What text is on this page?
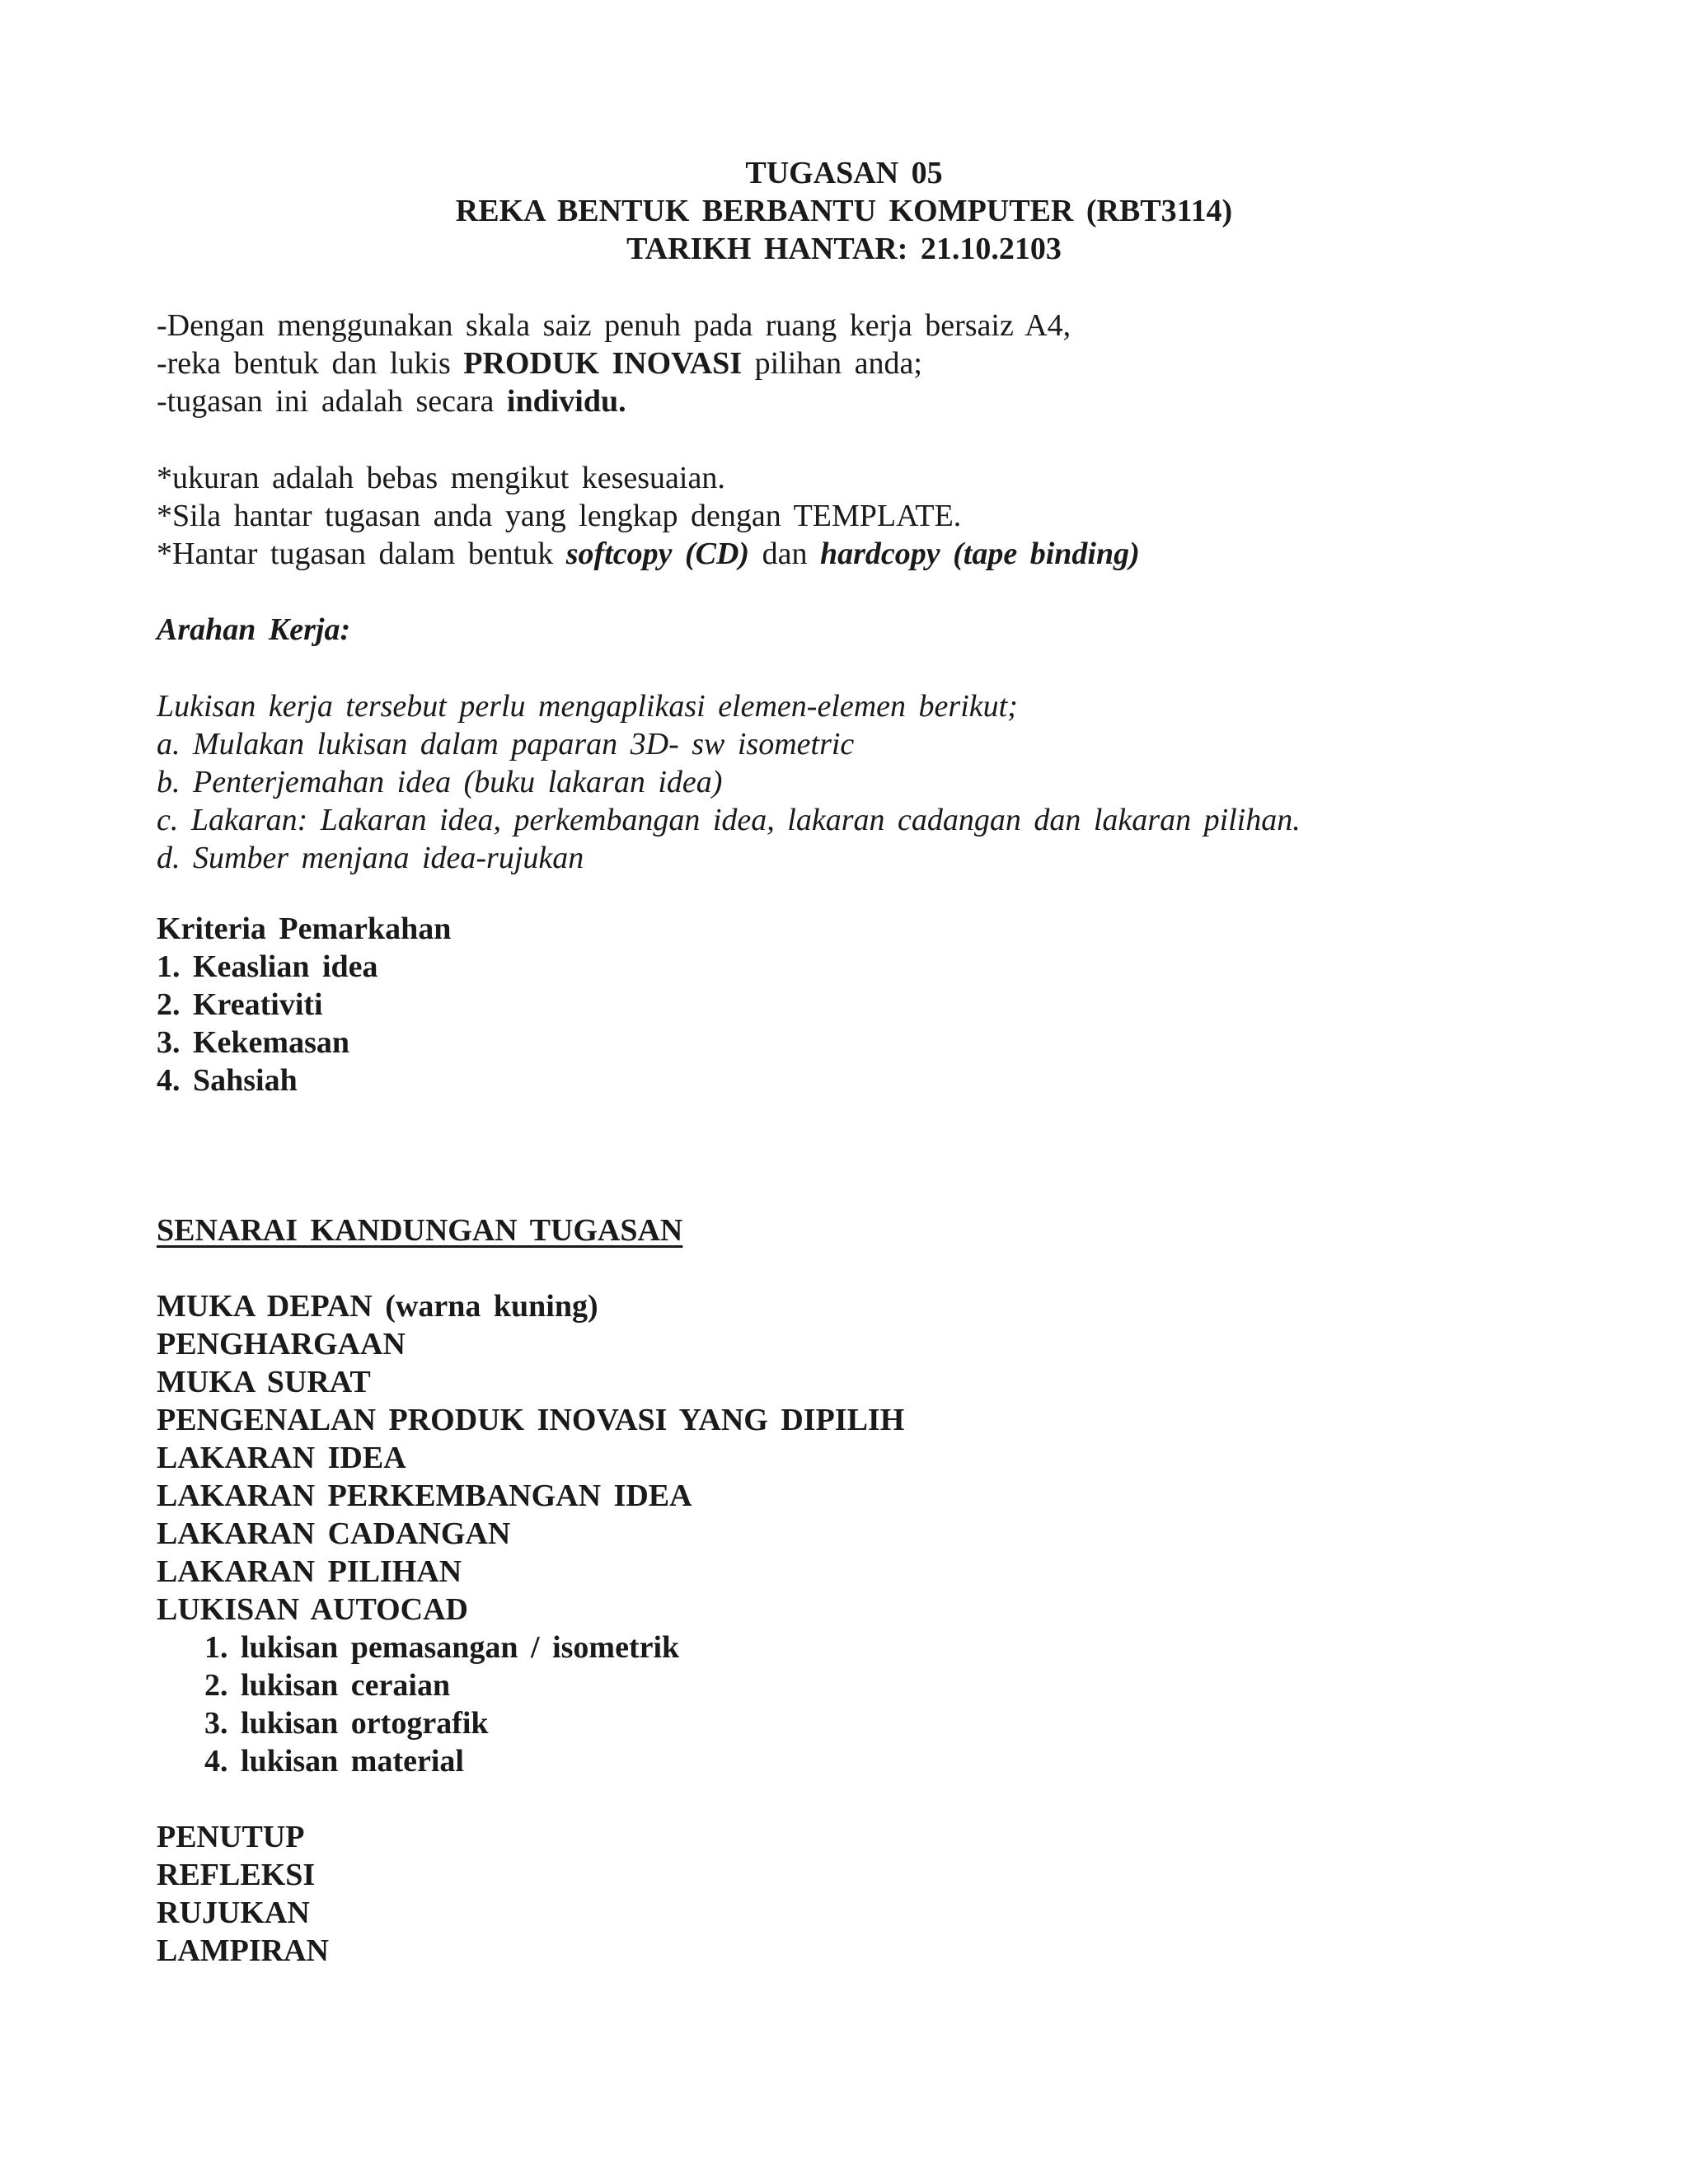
TUGASAN 05
REKA BENTUK BERBANTU KOMPUTER (RBT3114)
TARIKH HANTAR: 21.10.2103
-Dengan menggunakan skala saiz penuh pada ruang kerja bersaiz A4,
-reka bentuk dan lukis PRODUK INOVASI pilihan anda;
-tugasan ini adalah secara individu.
*ukuran adalah bebas mengikut kesesuaian.
*Sila hantar tugasan anda yang lengkap dengan TEMPLATE.
*Hantar tugasan dalam bentuk softcopy (CD) dan hardcopy (tape binding)
Arahan Kerja:
Lukisan kerja tersebut perlu mengaplikasi elemen-elemen berikut;
a. Mulakan lukisan dalam paparan 3D- sw isometric
b. Penterjemahan idea (buku lakaran idea)
c. Lakaran: Lakaran idea, perkembangan idea, lakaran cadangan dan lakaran pilihan.
d. Sumber menjana idea-rujukan
Kriteria Pemarkahan
1. Keaslian idea
2. Kreativiti
3. Kekemasan
4. Sahsiah
SENARAI KANDUNGAN TUGASAN
MUKA DEPAN (warna kuning)
PENGHARGAAN
MUKA SURAT
PENGENALAN PRODUK INOVASI YANG DIPILIH
LAKARAN IDEA
LAKARAN PERKEMBANGAN IDEA
LAKARAN CADANGAN
LAKARAN PILIHAN
LUKISAN AUTOCAD
1. lukisan pemasangan / isometrik
2. lukisan ceraian
3. lukisan ortografik
4. lukisan material
PENUTUP
REFLEKSI
RUJUKAN
LAMPIRAN
